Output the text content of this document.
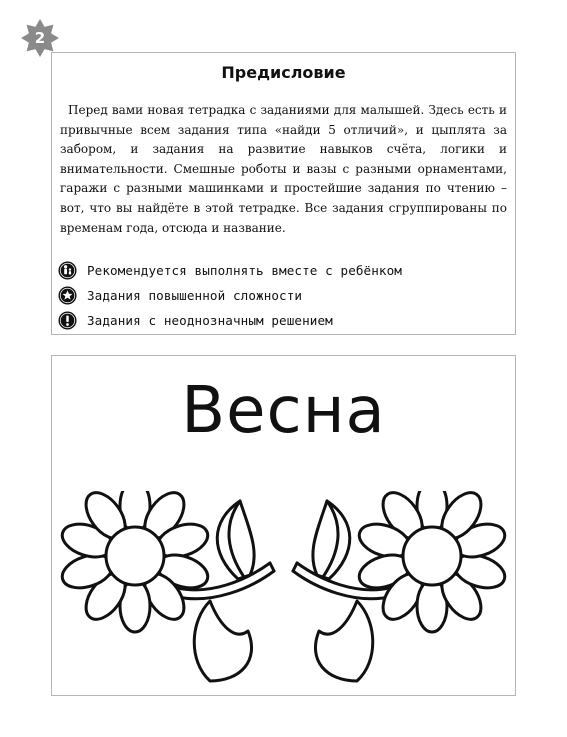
2
Предисловие

Перед вами новая тетрадка с заданиями для малышей. Здесь есть и привычные всем задания типа «найди 5 отличий», и цыплята за забором, и задания на развитие навыков счёта, логики и внимательности. Смешные роботы и вазы с разными орнаментами, гаражи с разными машинками и простейшие задания по чтению – вот, что вы найдёте в этой тетрадке. Все задания сгруппированы по временам года, отсюда и название.

Рекомендуется выполнять вместе с ребёнком
Задания повышенной сложности
Задания с неоднозначным решением
Весна
